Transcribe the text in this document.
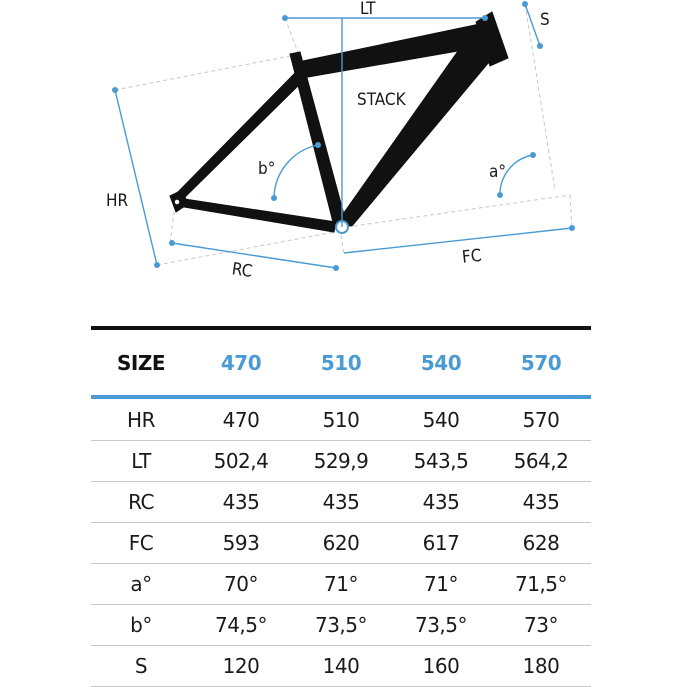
LT
S
STACK
HR
b°	a°
RC
FC
SIZE	470	510	540	570

HR	470	510	540	570
LT	502,4	529,9	543,5	564,2
RC	435	435	435	435
FC	593	620	617	628
a°	70°	71°	71°	71,5°
b°	74,5°	73,5°	73,5°	73°
S	120	140	160	180
